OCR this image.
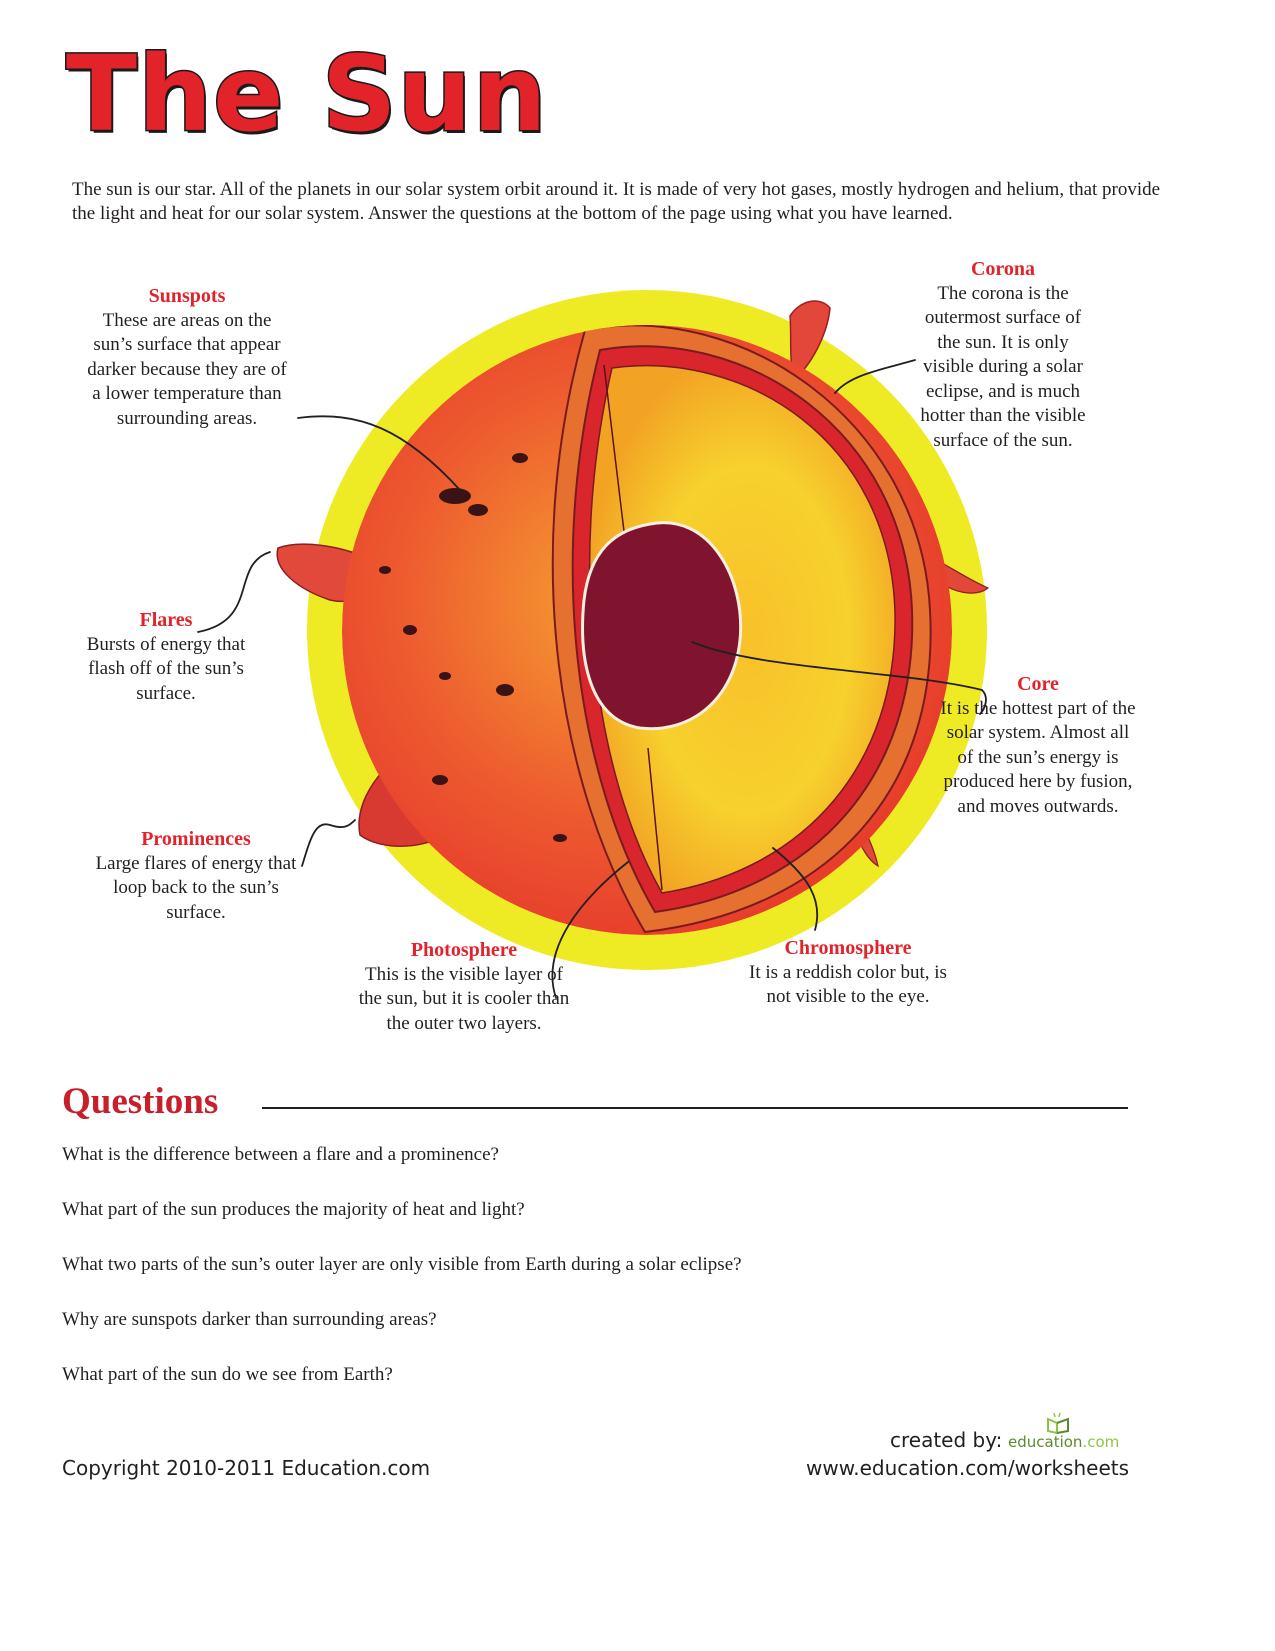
The Sun

The sun is our star. All of the planets in our solar system orbit around it. It is made of very hot gases, mostly hydrogen and helium, that provide the light and heat for our solar system. Answer the questions at the bottom of the page using what you have learned.

Sunspots
These are areas on the sun’s surface that appear darker because they are of a lower temperature than surrounding areas.
Flares
Bursts of energy that flash off of the sun’s surface.
Prominences
Large flares of energy that loop back to the sun’s surface.
Photosphere
This is the visible layer of the sun, but it is cooler than the outer two layers.
Chromosphere
It is a reddish color but, is not visible to the eye.
Core
It is the hottest part of the solar system. Almost all of the sun’s energy is produced here by fusion, and moves outwards.
Corona
The corona is the outermost surface of the sun. It is only visible during a solar eclipse, and is much hotter than the visible surface of the sun.
Questions
What is the difference between a flare and a prominence?
What part of the sun produces the majority of heat and light?
What two parts of the sun’s outer layer are only visible from Earth during a solar eclipse?
Why are sunspots darker than surrounding areas?
What part of the sun do we see from Earth?
Copyright 2010-2011 Education.com
created by: education.com
www.education.com/worksheets
